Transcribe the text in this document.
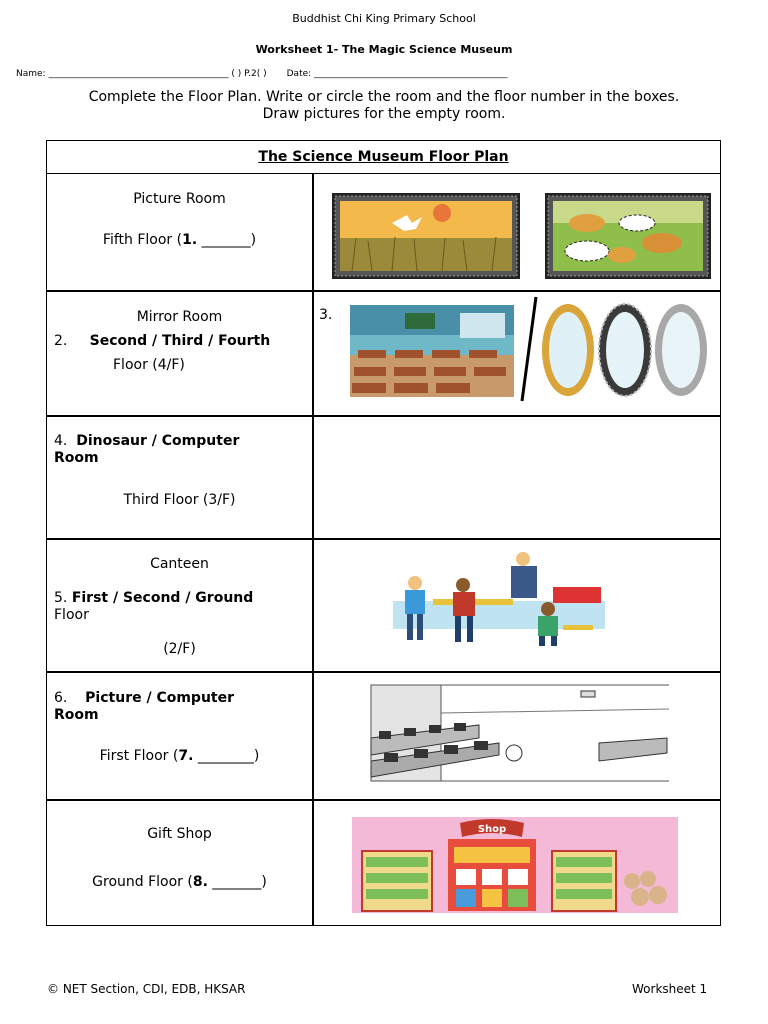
Buddhist Chi King Primary School
Worksheet 1- The Magic Science Museum
Name: ________________________________________ ( ) P.2( ) Date: ___________________________________________
Complete the Floor Plan. Write or circle the room and the floor number in the boxes.
Draw pictures for the empty room.
The Science Museum Floor Plan
Picture Room
Fifth Floor (1. _______)
Mirror Room
2. Second / Third / Fourth
Floor (4/F)
3.
4. Dinosaur / Computer
Room
Third Floor (3/F)
Canteen
5. First / Second / Ground
Floor
(2/F)
6. Picture / Computer
Room
First Floor (7. ________)
Gift Shop
Ground Floor (8. _______)
Shop
© NET Section, CDI, EDB, HKSAR	Worksheet 1
